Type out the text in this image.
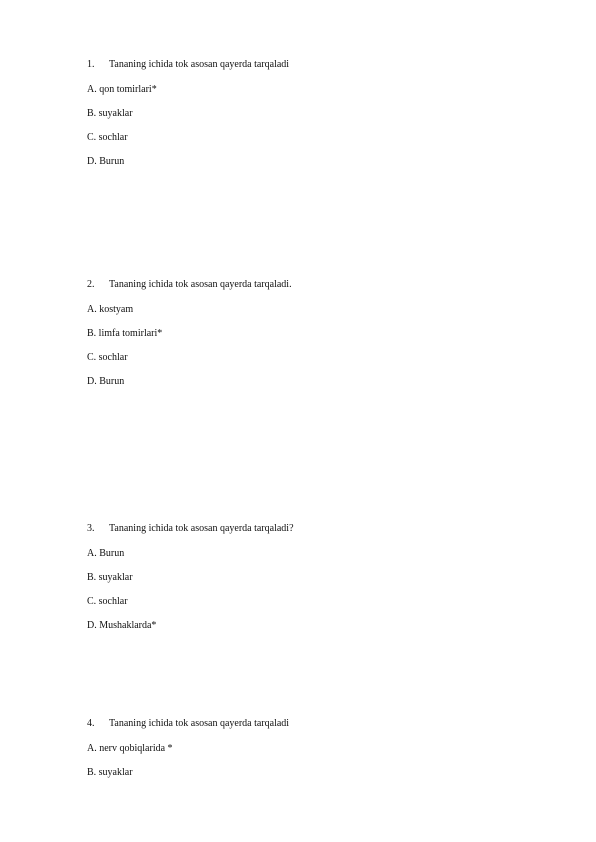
1. Tananing ichida tok asosan qayerda tarqaladi
A. qon tomirlari*
B. suyaklar
C. sochlar
D. Burun
2. Tananing ichida tok asosan qayerda tarqaladi.
A. kostyam
B. limfa tomirlari*
C. sochlar
D. Burun
3. Tananing ichida tok asosan qayerda tarqaladi?
A. Burun
B. suyaklar
C. sochlar
D. Mushaklarda*
4. Tananing ichida tok asosan qayerda tarqaladi
A. nerv qobiqlarida *
B. suyaklar
